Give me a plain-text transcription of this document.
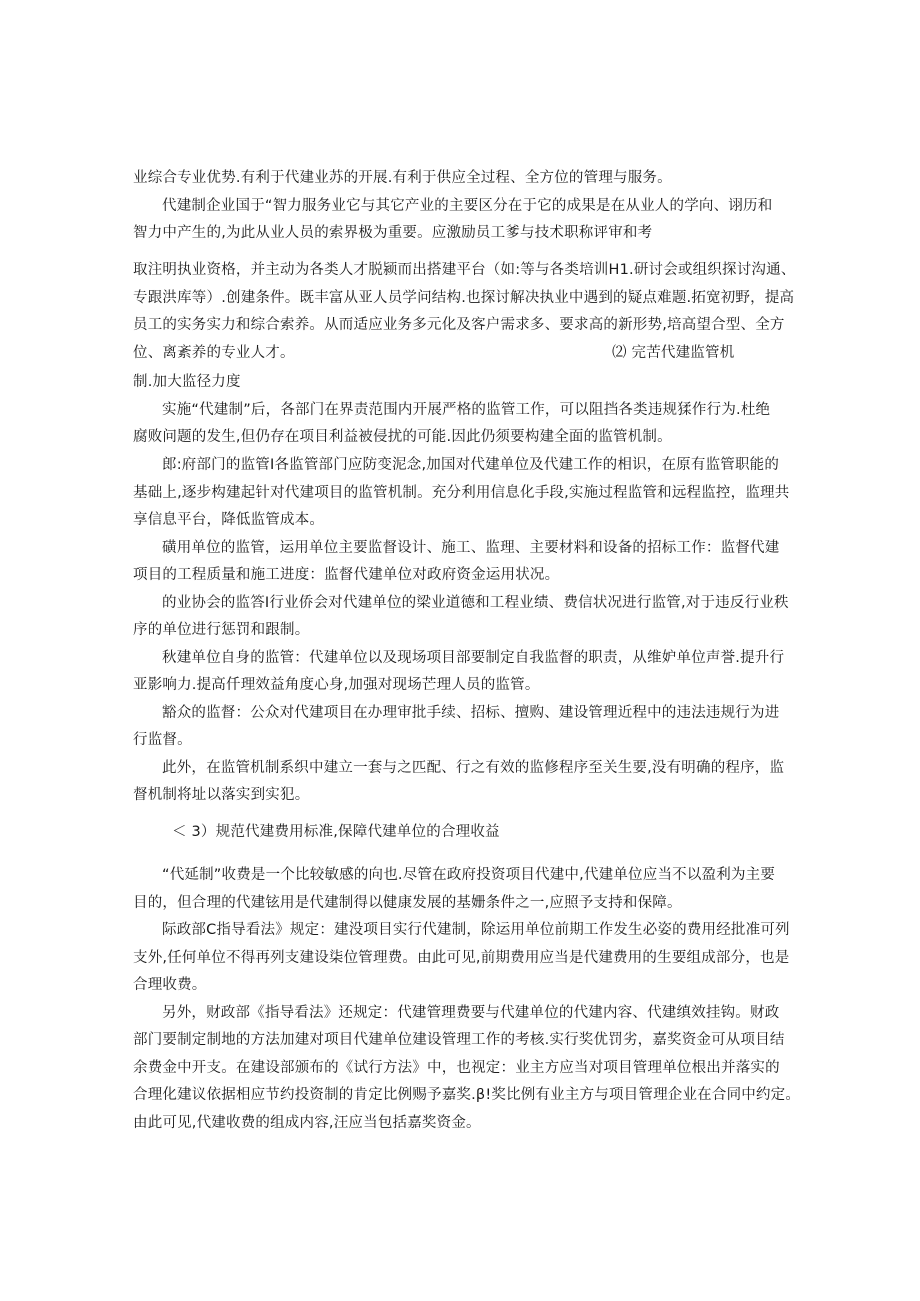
业综合专业优势.有利于代建业苏的开展.有利于供应全过程、全方位的管理与服务。
代建制企业国于“智力服务业它与其它产业的主要区分在于它的成果是在从业人的学向、诩历和
智力中产生的,为此从业人员的索界极为重要。应激励员工爹与技术职称评审和考
取注明执业资格，并主动为各类人才脱颍而出搭建平台（如:等与各类培训H1.研讨会或组织探讨沟通、
专跟洪库等）.创建条件。既丰富从亚人员学问结构.也探讨解决执业中遇到的疑点难题.拓宽初野，提高
员工的实务实力和综合索养。从而适应业务多元化及客户需求多、要求高的新形势,培高望合型、全方
位、离紊养的专业人才。	⑵ 完苦代建监管机
制.加大监径力度
实施“代建制”后，各部门在界责范围内开展严格的监管工作，可以阻挡各类违规猱作行为.杜绝
腐败问题的发生,但仍存在项目利益被侵扰的可能.因此仍须要构建全面的监管机制。
郎:府部门的监管I各监管部门应防变泥念,加国对代建单位及代建工作的相识，在原有监管职能的
基础上,逐步构建起针对代建项目的监管机制。充分利用信息化手段,实施过程监管和远程监控，监理共
享信息平台，降低监管成本。
磺用单位的监管，运用单位主要监督设计、施工、监理、主要材料和设备的招标工作：监督代建
项目的工程质量和施工进度：监督代建单位对政府资金运用状况。
的业协会的监答I行业侨会对代建单位的梁业道德和工程业绩、费信状况进行监管,对于违反行业秩
序的单位进行惩罚和跟制。
秋建单位自身的监管：代建单位以及现场项目部要制定自我监督的职责，从维妒单位声誉.提升行
亚影响力.提高仟理效益角度心身,加强对现场芒理人员的监管。
豁众的监督：公众对代建项目在办理审批手续、招标、擅购、建设管理近程中的违法违规行为进
行监督。
此外，在监管机制系织中建立一套与之匹配、行之有效的监修程序至关生要,没有明确的程序，监
督机制将址以落实到实犯。
＜ 3）规范代建费用标准,保障代建单位的合理收益
“代延制”收费是一个比较敏感的向也.尽管在政府投资项目代建中,代建单位应当不以盈利为主要
目的，但合理的代建铉用是代建制得以健康发展的基姗条件之一,应照予支持和保障。
际政部C指导看法》规定：建没项目实行代建制，除运用单位前期工作发生必姿的费用经批准可列
支外,任何单位不得再列支建设柒位管理费。由此可见,前期费用应当是代建费用的生要组成部分，也是
合理收费。
另外，财政部《指导看法》还规定：代建管理费要与代建单位的代建内容、代建缜效挂钩。财政
部门要制定制地的方法加建对项目代建单位建设管理工作的考核.实行奖优罚劣，嘉奖资金可从项目结
余费金中开支。在建设部颁布的《试行方法》中，也视定：业主方应当对项目管理单位根出并落实的
合理化建议依据相应节约投资制的肯定比例赐予嘉奖.β!奖比例有业主方与项目管理企业在合同中约定。
由此可见,代建收费的组成内容,汪应当包括嘉奖资金。
